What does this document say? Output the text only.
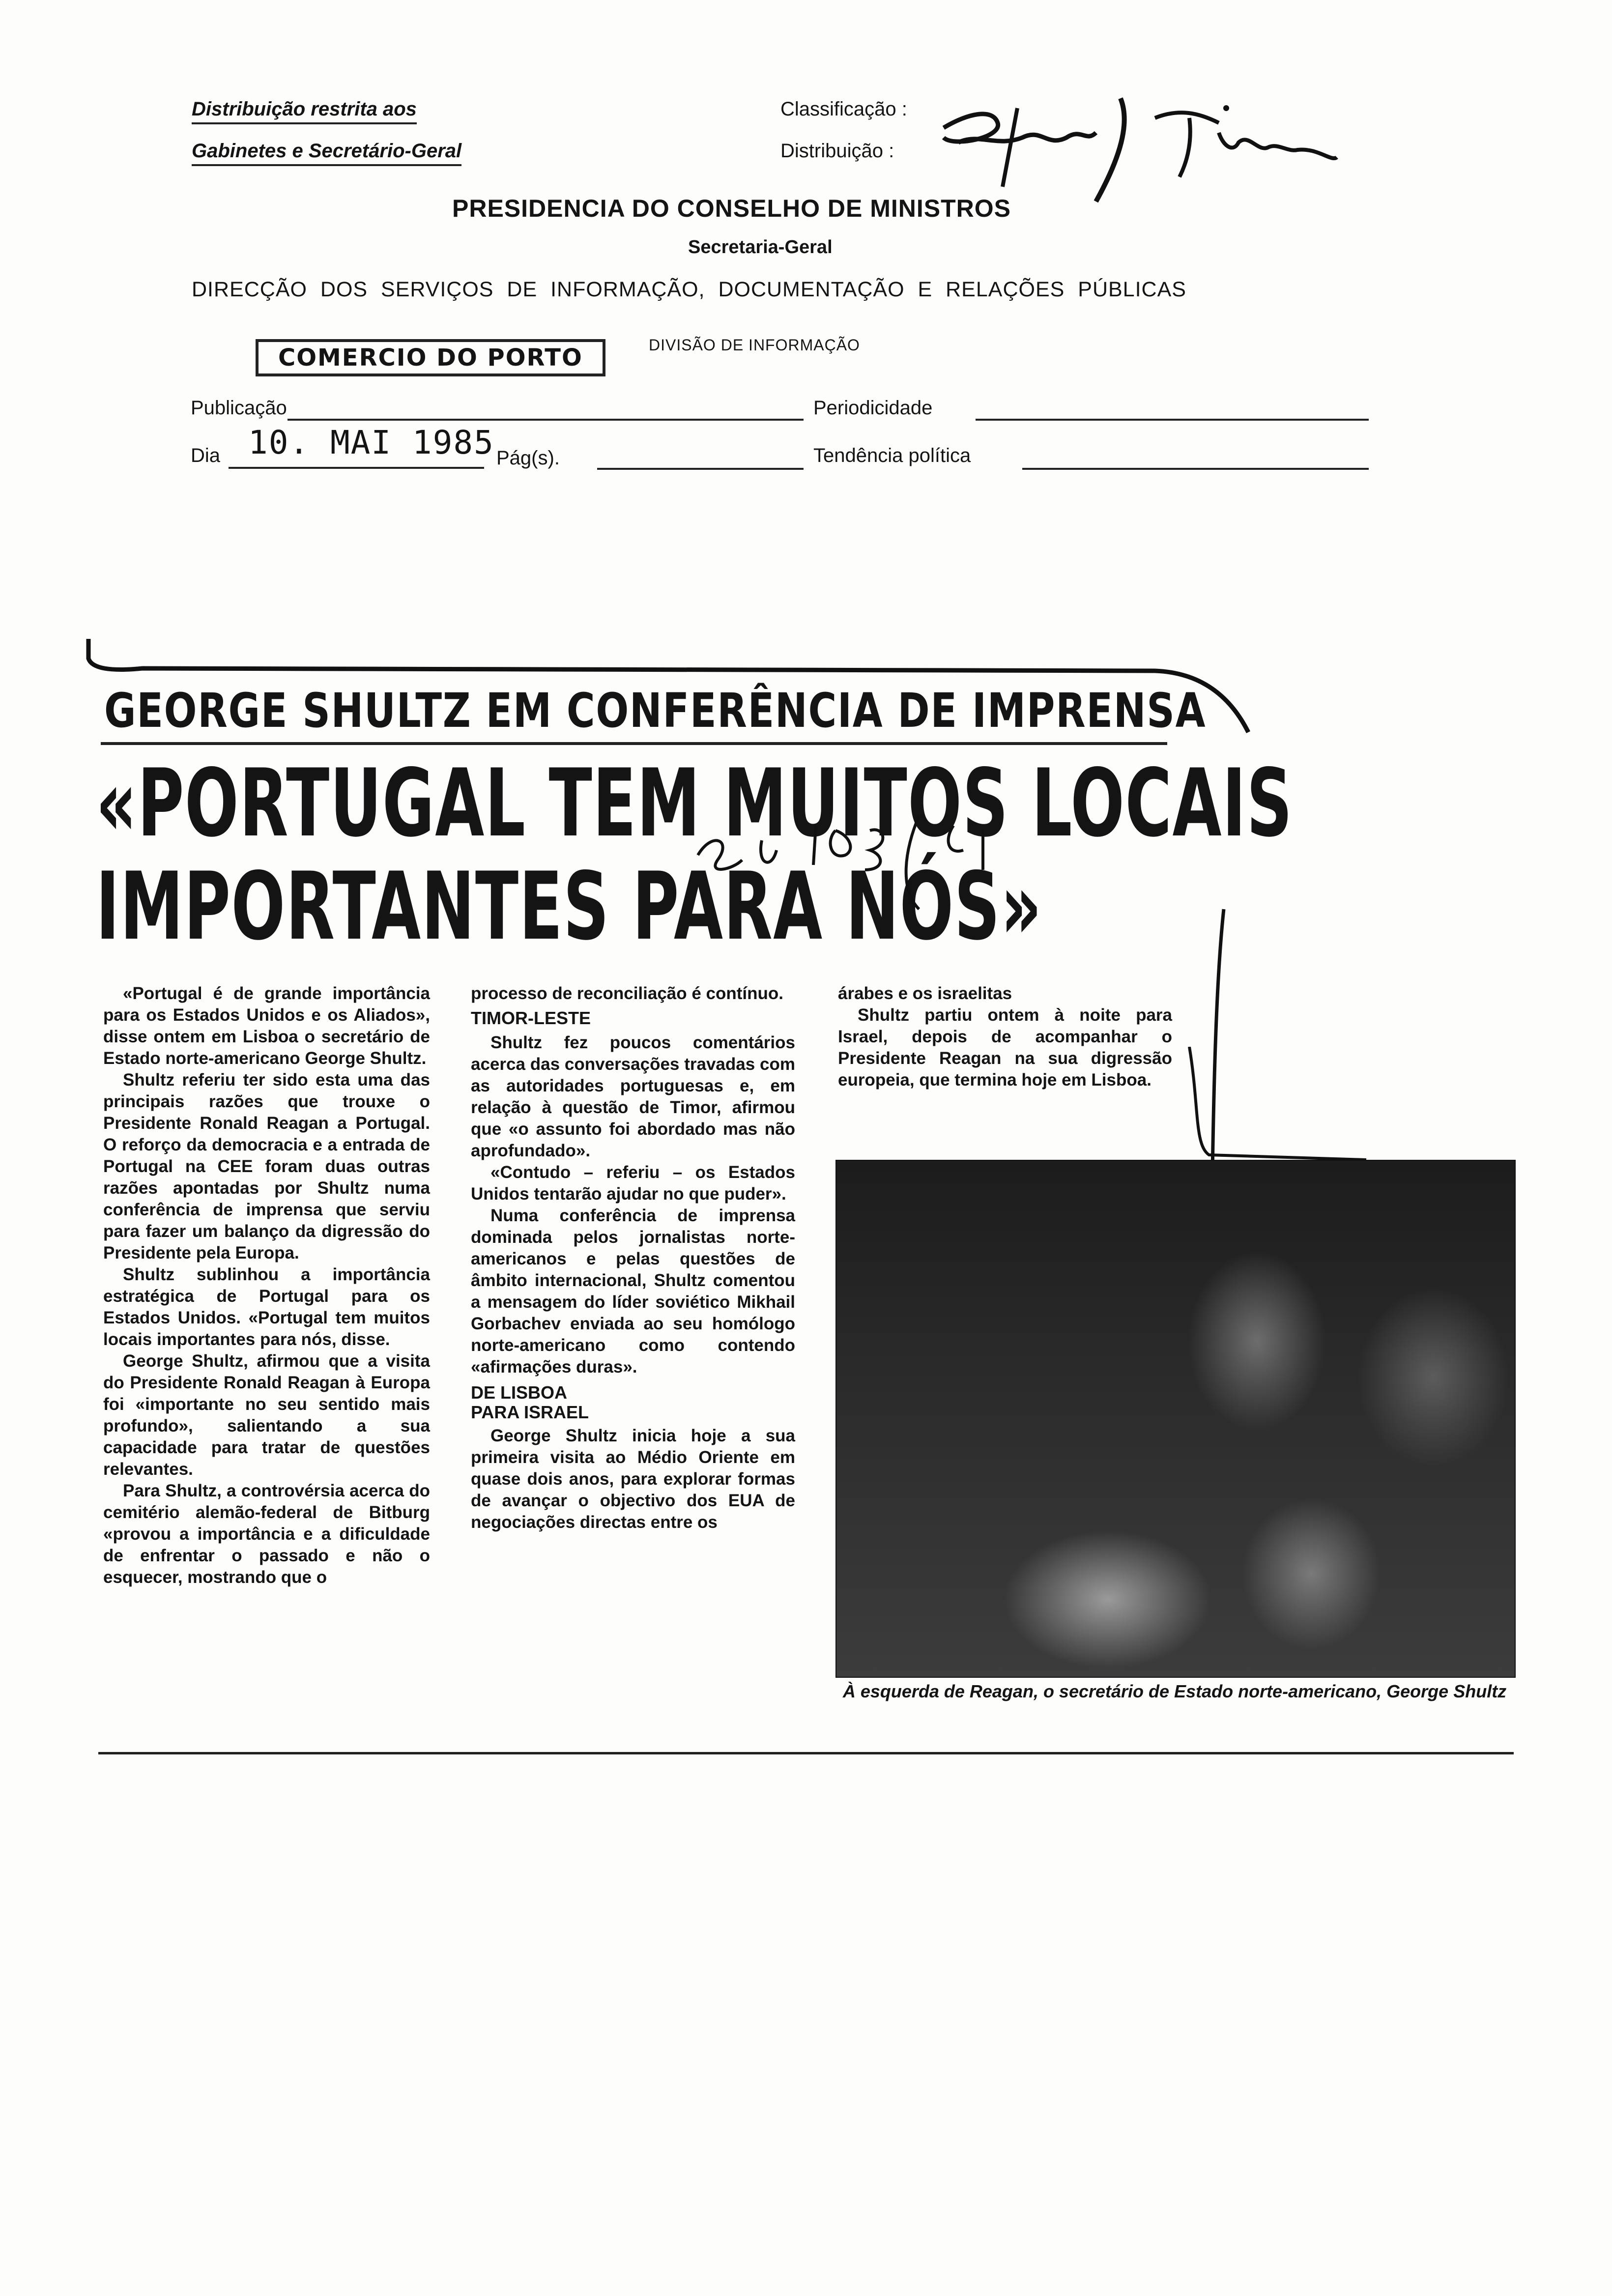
Distribuição restrita aos
Gabinetes e Secretário-Geral
Classificação :
Distribuição :
PRESIDENCIA DO CONSELHO DE MINISTROS
Secretaria-Geral
DIRECÇÃO DOS SERVIÇOS DE INFORMAÇÃO, DOCUMENTAÇÃO E RELAÇÕES PÚBLICAS
COMERCIO DO PORTO	DIVISÃO DE INFORMAÇÃO
Publicação	Periodicidade
Dia 10. MAI 1985 Pág(s).	Tendência política
GEORGE SHULTZ EM CONFERÊNCIA DE IMPRENSA
«PORTUGAL TEM MUITOS LOCAIS
IMPORTANTES PARA NÓS»

«Portugal é de grande importância para os Estados Unidos e os Aliados», disse ontem em Lisboa o secretário de Estado norte-americano George Shultz.

Shultz referiu ter sido esta uma das principais razões que trouxe o Presidente Ronald Reagan a Portugal. O reforço da democracia e a entrada de Portugal na CEE foram duas outras razões apontadas por Shultz numa conferência de imprensa que serviu para fazer um balanço da digressão do Presidente pela Europa.

Shultz sublinhou a importância estratégica de Portugal para os Estados Unidos. «Portugal tem muitos locais importantes para nós, disse.

George Shultz, afirmou que a visita do Presidente Ronald Reagan à Europa foi «importante no seu sentido mais profundo», salientando a sua capacidade para tratar de questões relevantes.

Para Shultz, a controvérsia acerca do cemitério alemão-federal de Bitburg «provou a importância e a dificuldade de enfrentar o passado e não o esquecer, mostrando que o

processo de reconciliação é contínuo.

TIMOR-LESTE

Shultz fez poucos comentários acerca das conversações travadas com as autoridades portuguesas e, em relação à questão de Timor, afirmou que «o assunto foi abordado mas não aprofundado».

«Contudo – referiu – os Estados Unidos tentarão ajudar no que puder».

Numa conferência de imprensa dominada pelos jornalistas norte-americanos e pelas questões de âmbito internacional, Shultz comentou a mensagem do líder soviético Mikhail Gorbachev enviada ao seu homólogo norte-americano como contendo «afirmações duras».

DE LISBOA
PARA ISRAEL

George Shultz inicia hoje a sua primeira visita ao Médio Oriente em quase dois anos, para explorar formas de avançar o objectivo dos EUA de negociações directas entre os

árabes e os israelitas

Shultz partiu ontem à noite para Israel, depois de acompanhar o Presidente Reagan na sua digressão europeia, que termina hoje em Lisboa.

À esquerda de Reagan, o secretário de Estado norte-americano, George Shultz
